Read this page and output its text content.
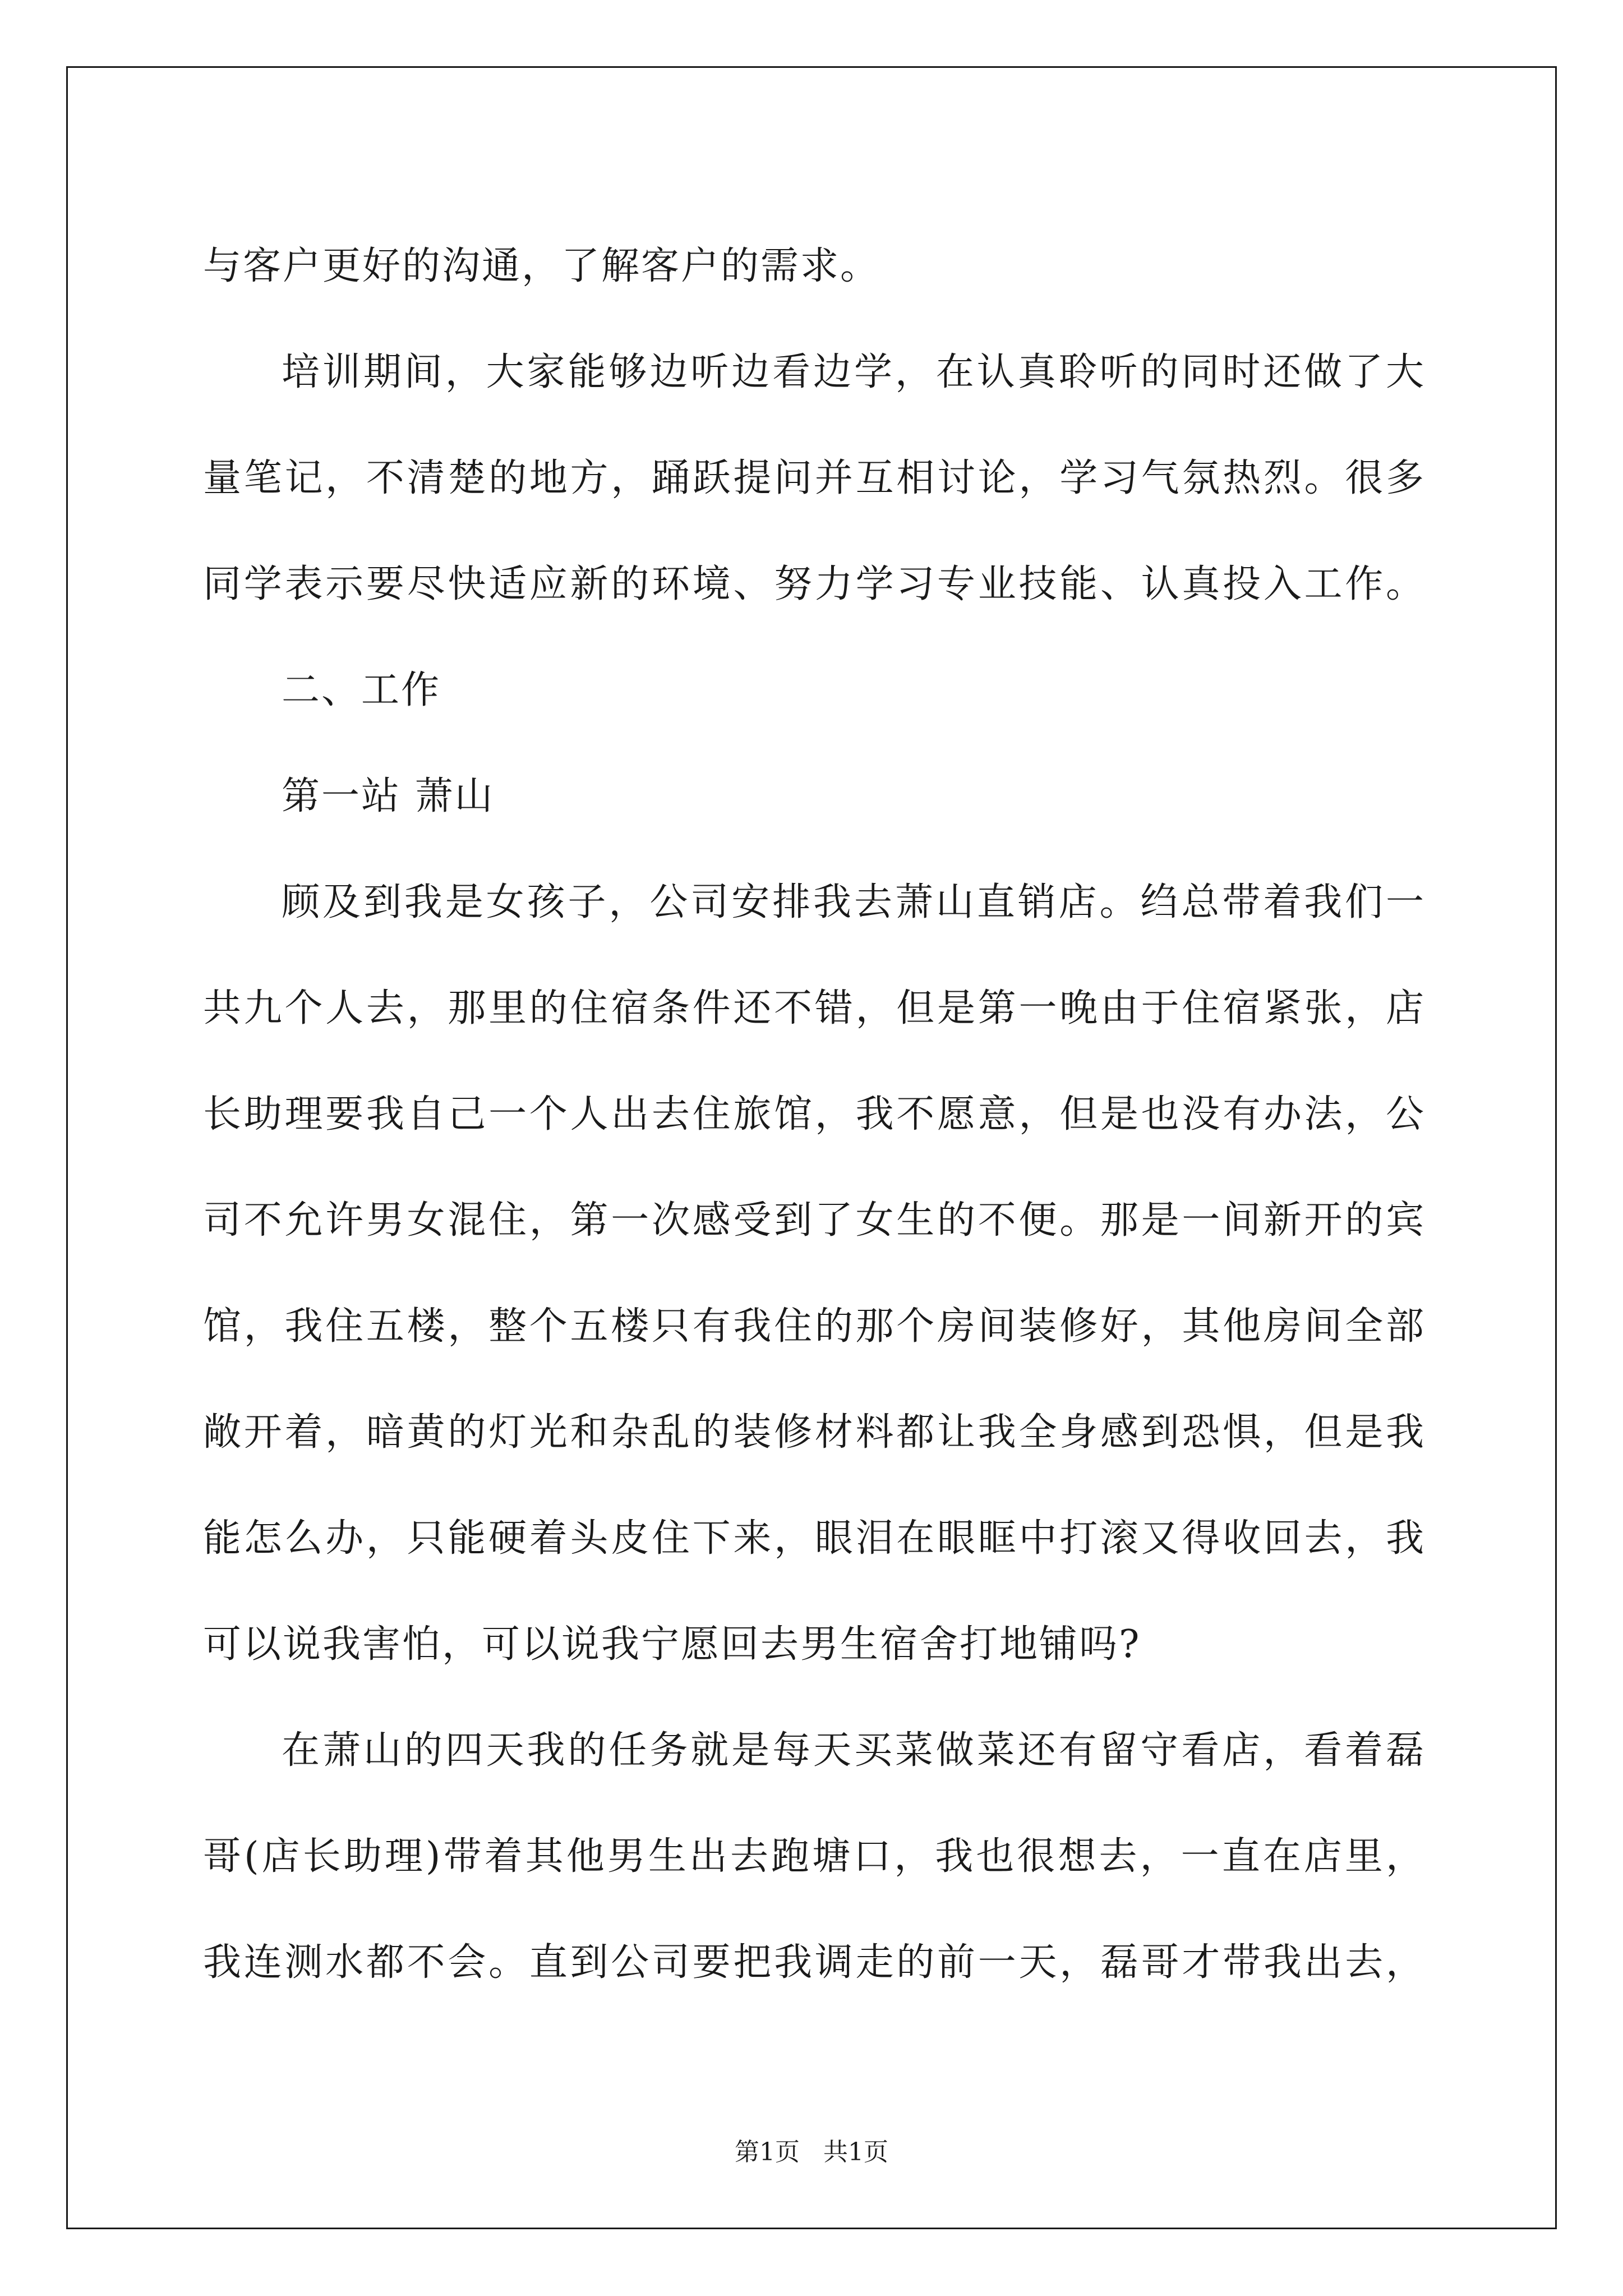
与客户更好的沟通，了解客户的需求。
培训期间，大家能够边听边看边学，在认真聆听的同时还做了大
量笔记，不清楚的地方，踊跃提问并互相讨论，学习气氛热烈。很多
同学表示要尽快适应新的环境、努力学习专业技能、认真投入工作。
二、工作
第一站 萧山
顾及到我是女孩子，公司安排我去萧山直销店。绉总带着我们一
共九个人去，那里的住宿条件还不错，但是第一晚由于住宿紧张，店
长助理要我自己一个人出去住旅馆，我不愿意，但是也没有办法，公
司不允许男女混住，第一次感受到了女生的不便。那是一间新开的宾
馆，我住五楼，整个五楼只有我住的那个房间装修好，其他房间全部
敞开着，暗黄的灯光和杂乱的装修材料都让我全身感到恐惧，但是我
能怎么办，只能硬着头皮住下来，眼泪在眼眶中打滚又得收回去，我
可以说我害怕，可以说我宁愿回去男生宿舍打地铺吗?
在萧山的四天我的任务就是每天买菜做菜还有留守看店，看着磊
哥(店长助理)带着其他男生出去跑塘口，我也很想去，一直在店里，
我连测水都不会。直到公司要把我调走的前一天，磊哥才带我出去，
第1页 共1页
